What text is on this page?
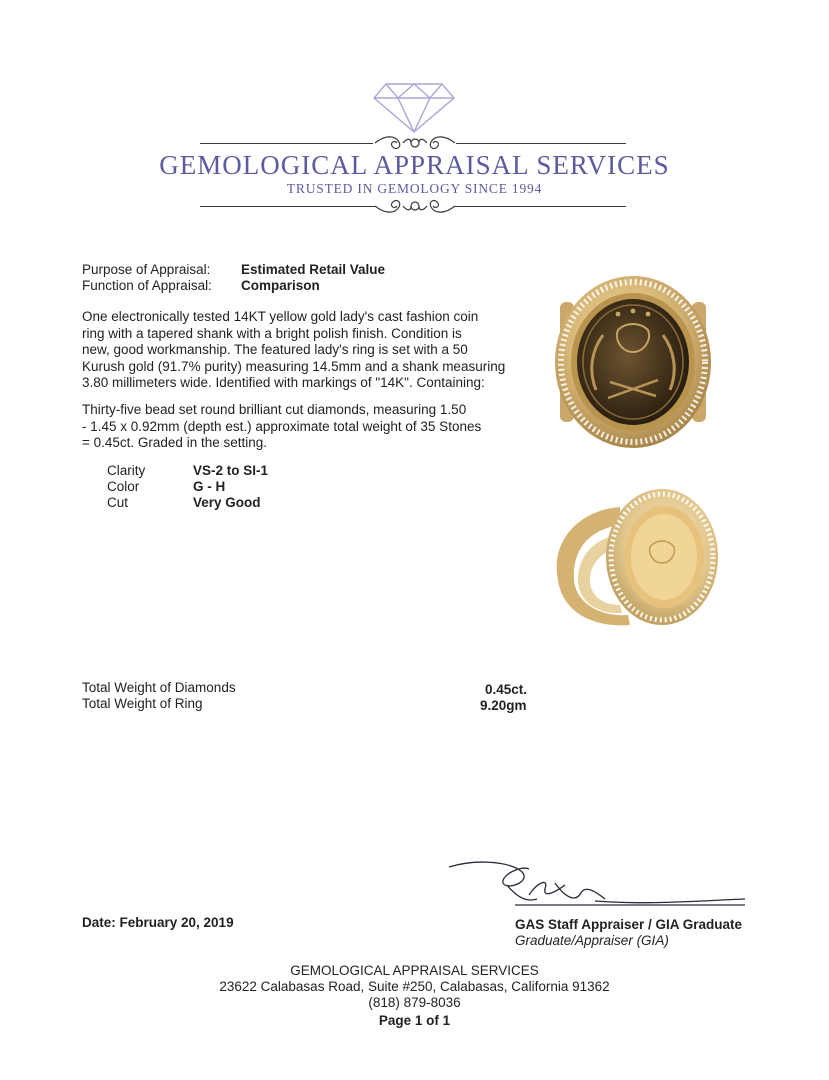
GEMOLOGICAL APPRAISAL SERVICES
TRUSTED IN GEMOLOGY SINCE 1994
Purpose of Appraisal: Estimated Retail Value
Function of Appraisal: Comparison
One electronically tested 14KT yellow gold lady's cast fashion coin
ring with a tapered shank with a bright polish finish. Condition is
new, good workmanship. The featured lady's ring is set with a 50
Kurush gold (91.7% purity) measuring 14.5mm and a shank measuring
3.80 millimeters wide. Identified with markings of "14K". Containing:
Thirty-five bead set round brilliant cut diamonds, measuring 1.50
- 1.45 x 0.92mm (depth est.) approximate total weight of 35 Stones
= 0.45ct. Graded in the setting.
Clarity	VS-2 to SI-1
Color	G - H
Cut	Very Good
Total Weight of Diamonds	0.45ct.
Total Weight of Ring	9.20gm
Date: February 20, 2019	GAS Staff Appraiser / GIA Graduate
Graduate/Appraiser (GIA)
GEMOLOGICAL APPRAISAL SERVICES
23622 Calabasas Road, Suite #250, Calabasas, California 91362
(818) 879-8036
Page 1 of 1
